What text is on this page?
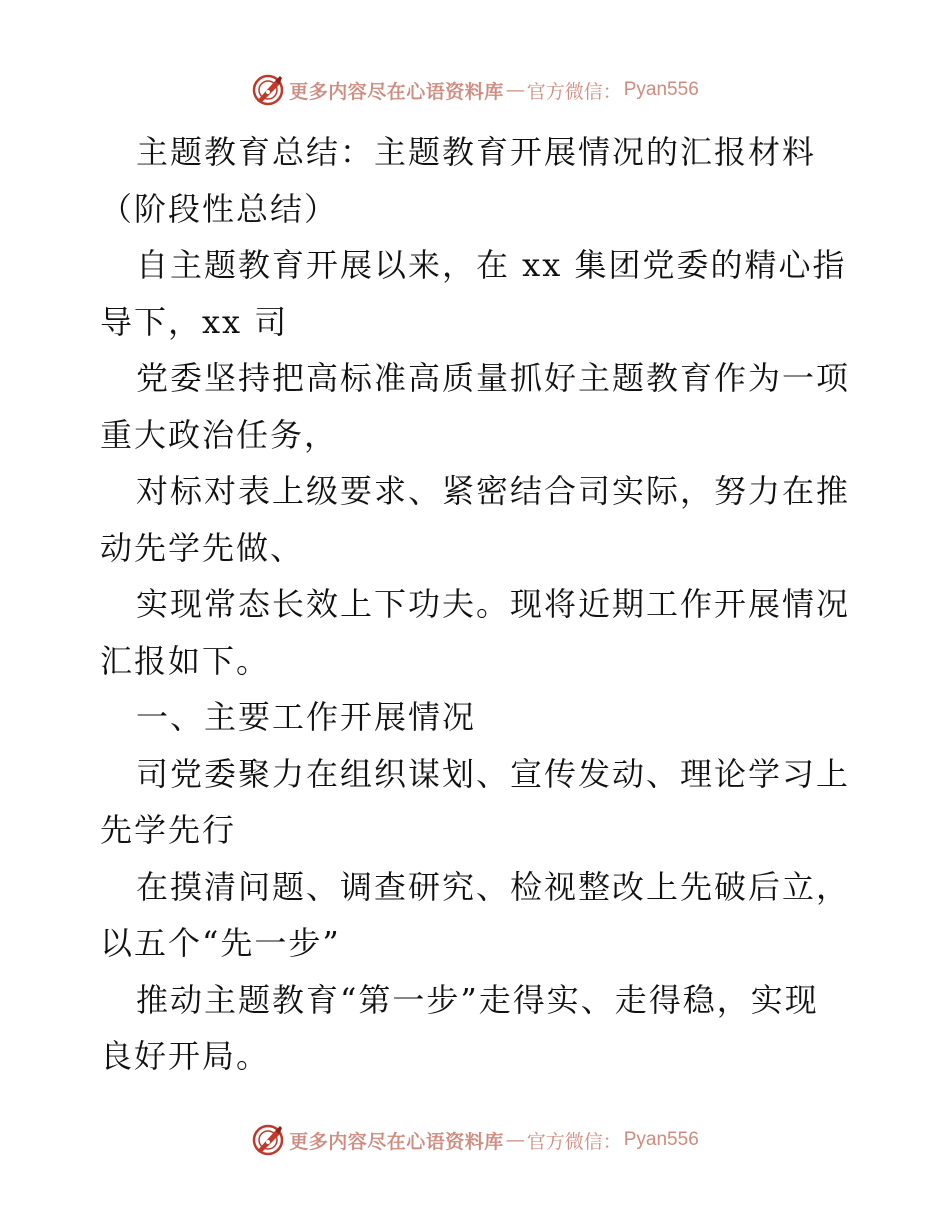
更多内容尽在心语资料库 — 官方微信： Pyan556

主题教育总结：主题教育开展情况的汇报材料
（阶段性总结）

自主题教育开展以来，在 xx 集团党委的精心指
导下，xx 司

党委坚持把高标准高质量抓好主题教育作为一项
重大政治任务，

对标对表上级要求、紧密结合司实际，努力在推
动先学先做、

实现常态长效上下功夫。现将近期工作开展情况
汇报如下。

一、主要工作开展情况

司党委聚力在组织谋划、宣传发动、理论学习上
先学先行

在摸清问题、调查研究、检视整改上先破后立，
以五个“先一步”

推动主题教育“第一步”走得实、走得稳，实现
良好开局。

更多内容尽在心语资料库 — 官方微信： Pyan556
